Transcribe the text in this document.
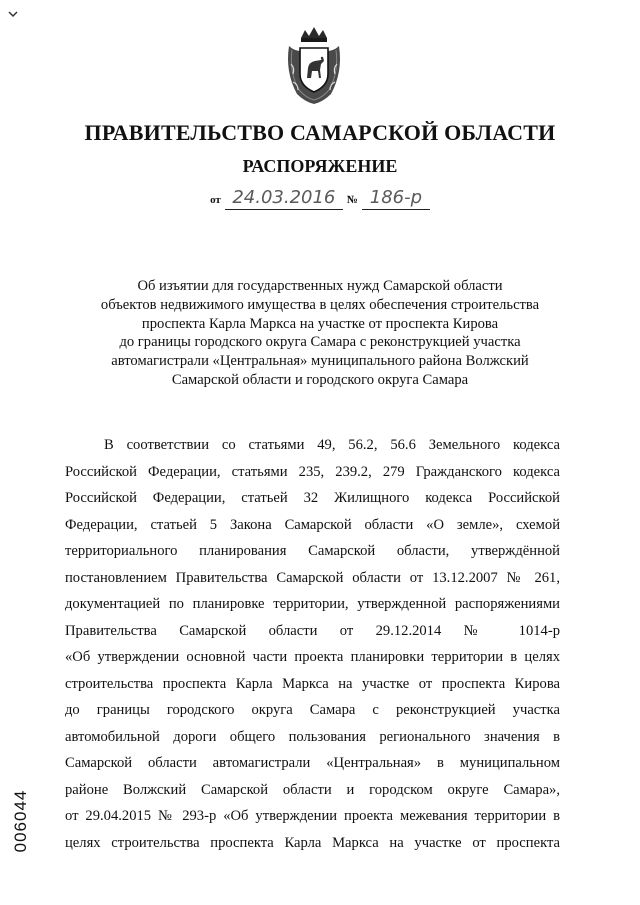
ПРАВИТЕЛЬСТВО САМАРСКОЙ ОБЛАСТИ
РАСПОРЯЖЕНИЕ
от 24.03.2016 № 186-р
Об изъятии для государственных нужд Самарской области
объектов недвижимого имущества в целях обеспечения строительства
проспекта Карла Маркса на участке от проспекта Кирова
до границы городского округа Самара с реконструкцией участка
автомагистрали «Центральная» муниципального района Волжский
Самарской области и городского округа Самара
В соответствии со статьями 49, 56.2, 56.6 Земельного кодекса
Российской Федерации, статьями 235, 239.2, 279 Гражданского кодекса
Российской Федерации, статьей 32 Жилищного кодекса Российской
Федерации, статьей 5 Закона Самарской области «О земле», схемой
территориального планирования Самарской области, утверждённой
постановлением Правительства Самарской области от 13.12.2007 № 261,
документацией по планировке территории, утвержденной распоряжениями
Правительства Самарской области от 29.12.2014 № 1014-р
«Об утверждении основной части проекта планировки территории в целях
строительства проспекта Карла Маркса на участке от проспекта Кирова
до границы городского округа Самара с реконструкцией участка
автомобильной дороги общего пользования регионального значения в
Самарской области автомагистрали «Центральная» в муниципальном
районе Волжский Самарской области и городском округе Самара»,
от 29.04.2015 № 293-р «Об утверждении проекта межевания территории в
целях строительства проспекта Карла Маркса на участке от проспекта
006044
